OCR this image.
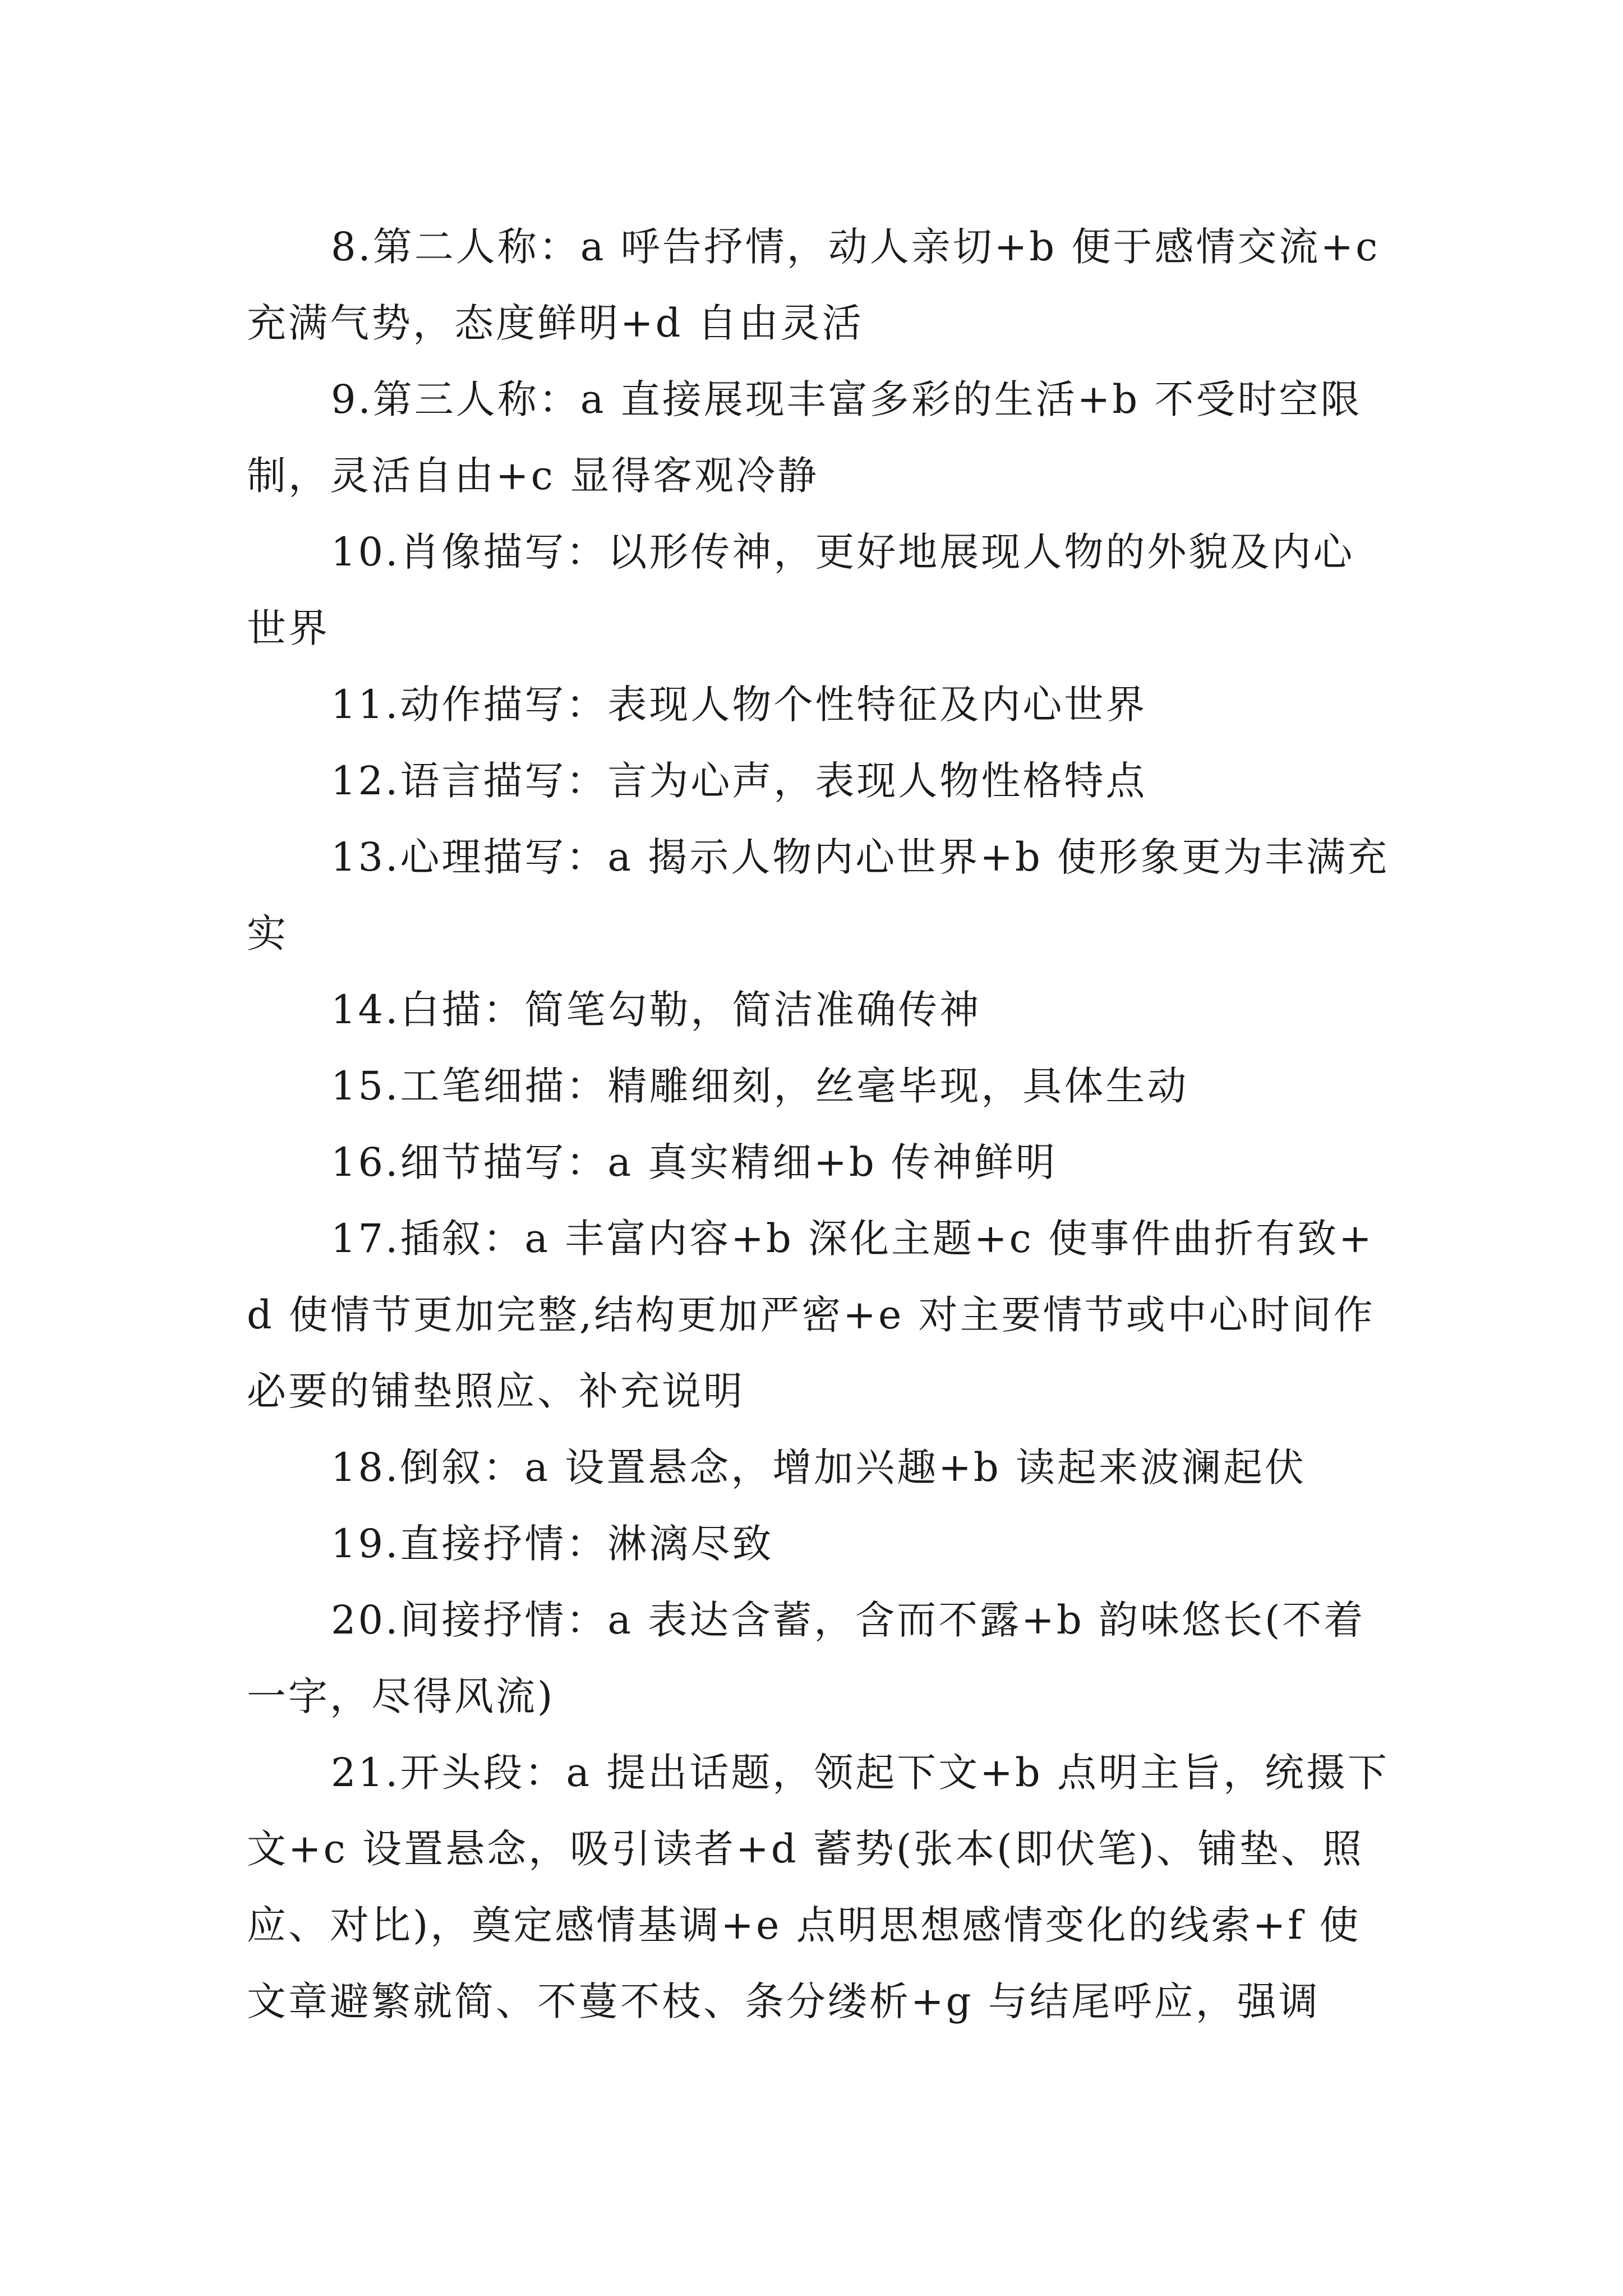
8.第二人称：a 呼告抒情，动人亲切+b 便于感情交流+c 充满气势，态度鲜明+d 自由灵活

9.第三人称：a 直接展现丰富多彩的生活+b 不受时空限制，灵活自由+c 显得客观冷静

10.肖像描写：以形传神，更好地展现人物的外貌及内心世界

11.动作描写：表现人物个性特征及内心世界

12.语言描写：言为心声，表现人物性格特点

13.心理描写：a 揭示人物内心世界+b 使形象更为丰满充实

14.白描：简笔勾勒，简洁准确传神

15.工笔细描：精雕细刻，丝毫毕现，具体生动

16.细节描写：a 真实精细+b 传神鲜明

17.插叙：a 丰富内容+b 深化主题+c 使事件曲折有致+d 使情节更加完整,结构更加严密+e 对主要情节或中心时间作必要的铺垫照应、补充说明

18.倒叙：a 设置悬念，增加兴趣+b 读起来波澜起伏

19.直接抒情：淋漓尽致

20.间接抒情：a 表达含蓄，含而不露+b 韵味悠长(不着一字，尽得风流)

21.开头段：a 提出话题，领起下文+b 点明主旨，统摄下文+c 设置悬念，吸引读者+d 蓄势(张本(即伏笔)、铺垫、照应、对比)，奠定感情基调+e 点明思想感情变化的线索+f 使文章避繁就简、不蔓不枝、条分缕析+g 与结尾呼应，强调
